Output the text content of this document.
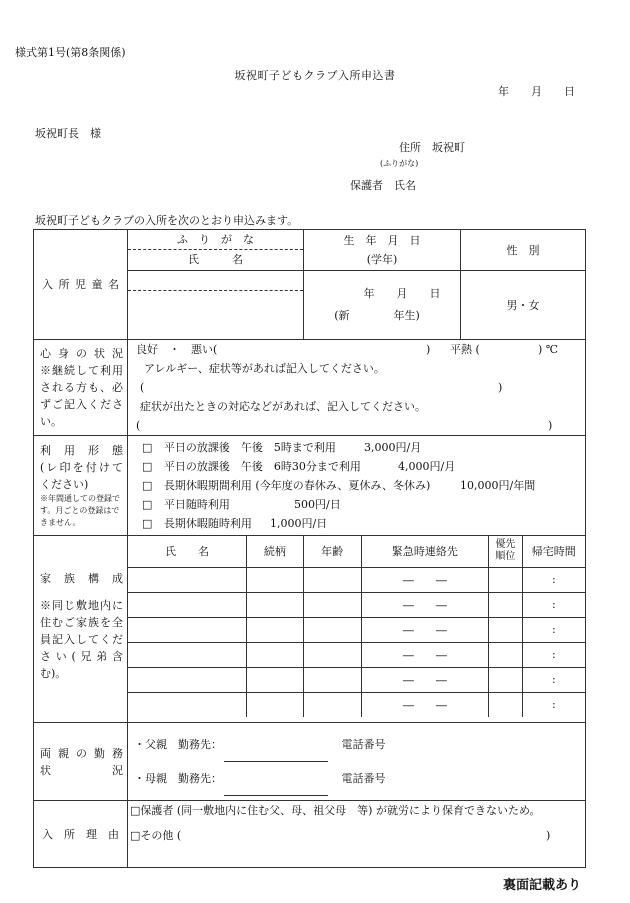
様式第1号(第8条関係)
坂祝町子どもクラブ入所申込書
年　　月　　日
坂祝町長　様
住所　坂祝町
(ふりがな)
保護者　氏名
坂祝町子どもクラブの入所を次のとおり申込みます。
入所児童名

ふ　り　が　な
氏　　　名

生　年　月　日
(学年)
	性　別

年　　月　　日
(新　　　　年生)
	男・女

心身の状況
※継続して利用
される方も、必
ずご記入くださ
い。

良好　・　悪い(	) 平熱 (	) ℃
アレルギー、症状等があれば記入してください。
(	)
症状が出たときの対応などがあれば、記入してください。
(	)

利用形態
(レ印を付けて
ください)
※年間通しての登録です。月ごとの登録はできません。

□ 平日の放課後　午後　5時まで利用	3,000円/月
□ 平日の放課後　午後　6時30分まで利用	4,000円/月
□ 長期休暇期間利用 (今年度の春休み、夏休み、冬休み)	10,000円/年間
□ 平日随時利用	500円/日
□ 長期休暇随時利用 1,000円/日

家族構成
※同じ敷地内に
住むご家族を全
員記入してくだ
さい(兄弟含
む)。

氏　　名	続柄	年齢	緊急時連絡先	優先順位	帰宅時間
			―　　―		:
			―　　―		:
			―　　―		:
			―　　―		:
			―　　―		:
			―　　―		:

両親の勤務
状　　況

・父親　勤務先：	電話番号
・母親　勤務先：	電話番号

入所理由

□保護者 (同一敷地内に住む父、母、祖父母　等) が就労により保育できないため。
□その他 (	)
裏面記載あり
